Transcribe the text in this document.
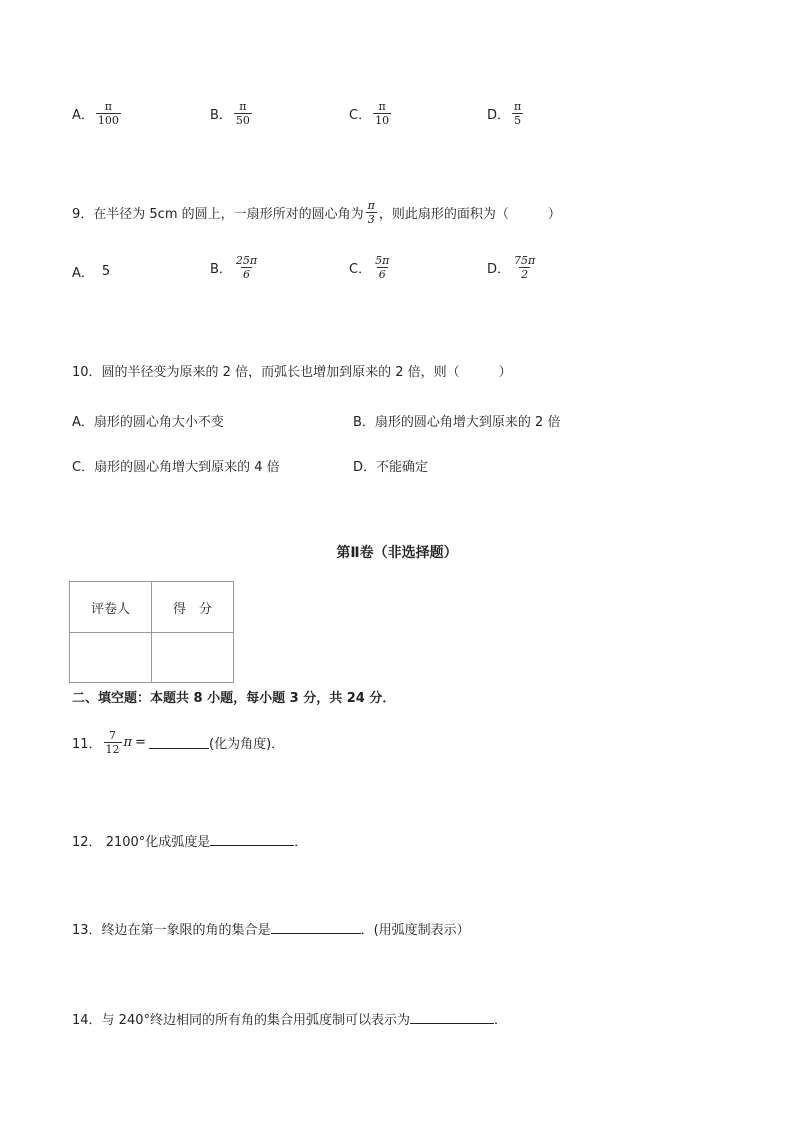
A． $\frac{\pi}{100}$	B． $\frac{\pi}{50}$	C． $\frac{\pi}{10}$	D． $\frac{\pi}{5}$
9．在半径为 5cm 的圆上，一扇形所对的圆心角为 $\frac{\pi}{3}$ ，则此扇形的面积为（　　　）
A． 5	B． $\frac{25\pi}{6}$	C． $\frac{5\pi}{6}$	D． $\frac{75\pi}{2}$
10．圆的半径变为原来的 2 倍，而弧长也增加到原来的 2 倍，则（　　　）
A．扇形的圆心角大小不变	B．扇形的圆心角增大到原来的 2 倍
C．扇形的圆心角增大到原来的 4 倍	D．不能确定
第Ⅱ卷（非选择题）
评卷人	得　分

二、填空题：本题共 8 小题，每小题 3 分，共 24 分．
11． $\frac{7}{12}$ π =	(化为角度)．
12． 2100°化成弧度是	．
13．终边在第一象限的角的集合是	．(用弧度制表示）
14．与 240°终边相同的所有角的集合用弧度制可以表示为	．
